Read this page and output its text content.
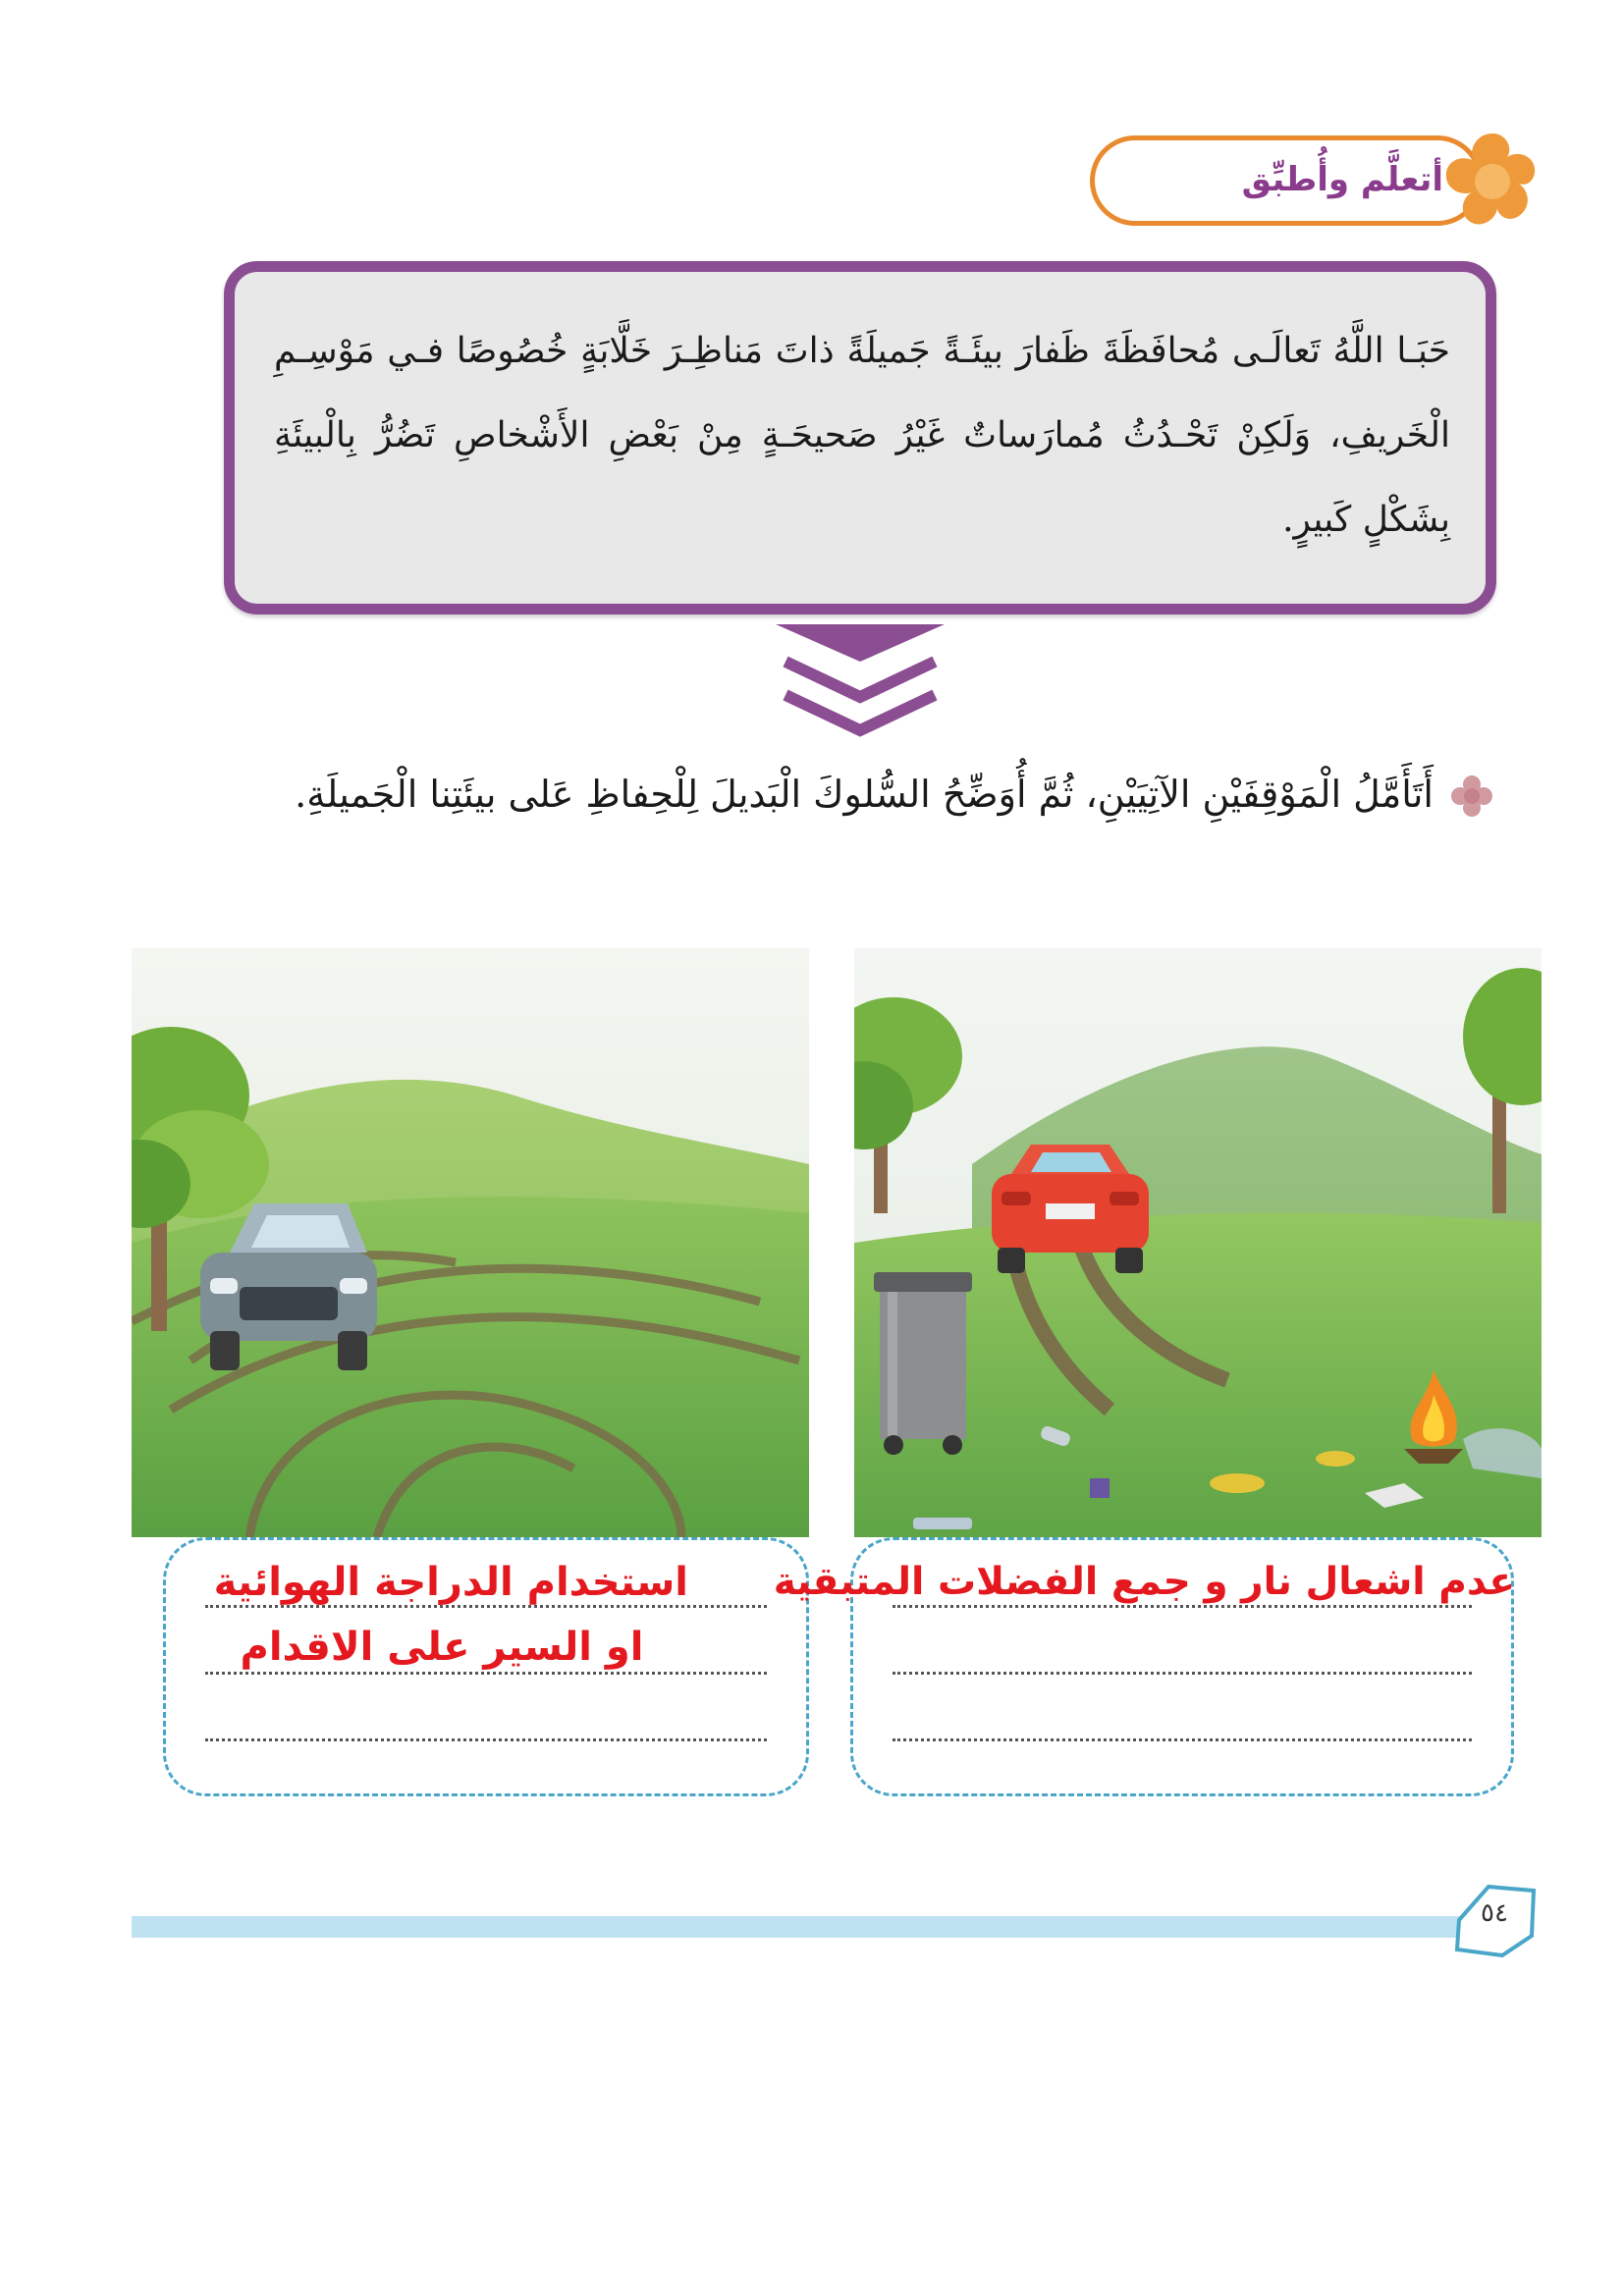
أتعلَّم وأُطبِّق

حَبَـا اللَّهُ تَعالَـى مُحافَظَةَ ظَفارَ بيئَـةً جَميلَةً ذاتَ مَناظِـرَ خَلَّابَةٍ خُصُوصًا فـي مَوْسِـمِ الْخَريفِ، وَلَكِنْ تَحْـدُثُ مُمارَساتٌ غَيْرُ صَحيحَـةٍ مِنْ بَعْضِ الأَشْخاصِ تَضُرُّ بِالْبيئَةِ بِشَكْلٍ كَبيرٍ.

أَتَأَمَّلُ الْمَوْقِفَيْنِ الآتِيَيْنِ، ثُمَّ أُوَضِّحُ السُّلوكَ الْبَديلَ لِلْحِفاظِ عَلى بيئَتِنا الْجَميلَةِ.

استخدام الدراجة الهوائية
او السير على الاقدام
عدم اشعال نار و جمع الفضلات المتبقية
٥٤
